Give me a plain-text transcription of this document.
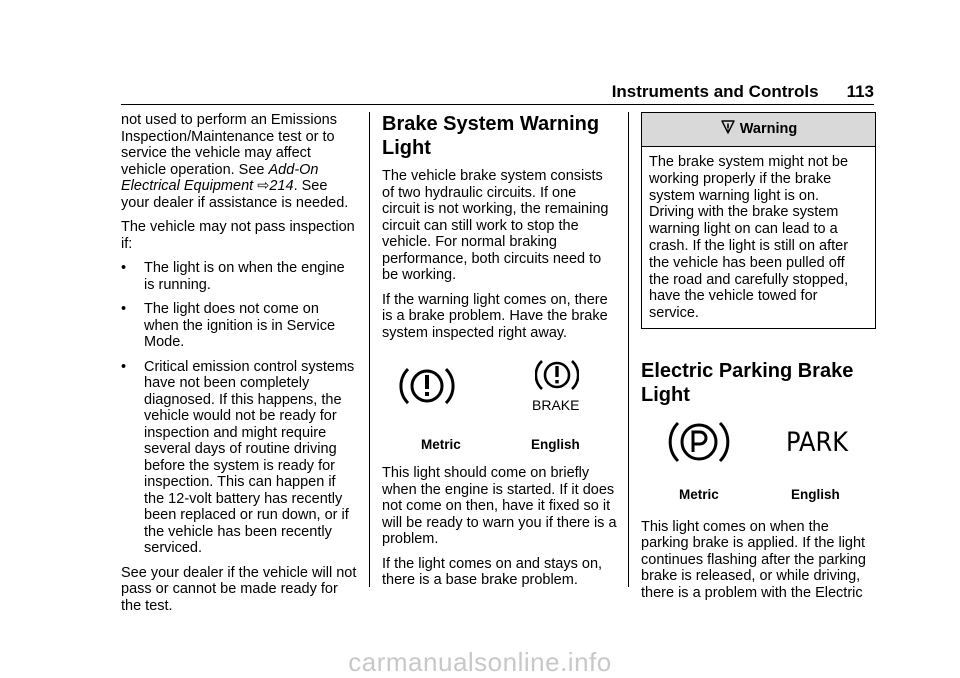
Instruments and Controls 113

not used to perform an Emissions Inspection/Maintenance test or to service the vehicle may affect vehicle operation. See Add-On Electrical Equipment ⇨214. See your dealer if assistance is needed.

The vehicle may not pass inspection if:

• The light is on when the engine is running.
• The light does not come on when the ignition is in Service Mode.
• Critical emission control systems have not been completely diagnosed. If this happens, the vehicle would not be ready for inspection and might require several days of routine driving before the system is ready for inspection. This can happen if the 12-volt battery has recently been replaced or run down, or if the vehicle has been recently serviced.

See your dealer if the vehicle will not pass or cannot be made ready for the test.

Brake System Warning Light

The vehicle brake system consists of two hydraulic circuits. If one circuit is not working, the remaining circuit can still work to stop the vehicle. For normal braking performance, both circuits need to be working.

If the warning light comes on, there is a brake problem. Have the brake system inspected right away.

BRAKE
Metric	English

This light should come on briefly when the engine is started. If it does not come on then, have it fixed so it will be ready to warn you if there is a problem.

If the light comes on and stays on, there is a base brake problem.

Warning

The brake system might not be working properly if the brake system warning light is on. Driving with the brake system warning light on can lead to a crash. If the light is still on after the vehicle has been pulled off the road and carefully stopped, have the vehicle towed for service.

Electric Parking Brake Light
PARK
Metric	English

This light comes on when the parking brake is applied. If the light continues flashing after the parking brake is released, or while driving, there is a problem with the Electric

carmanualsonline.info
